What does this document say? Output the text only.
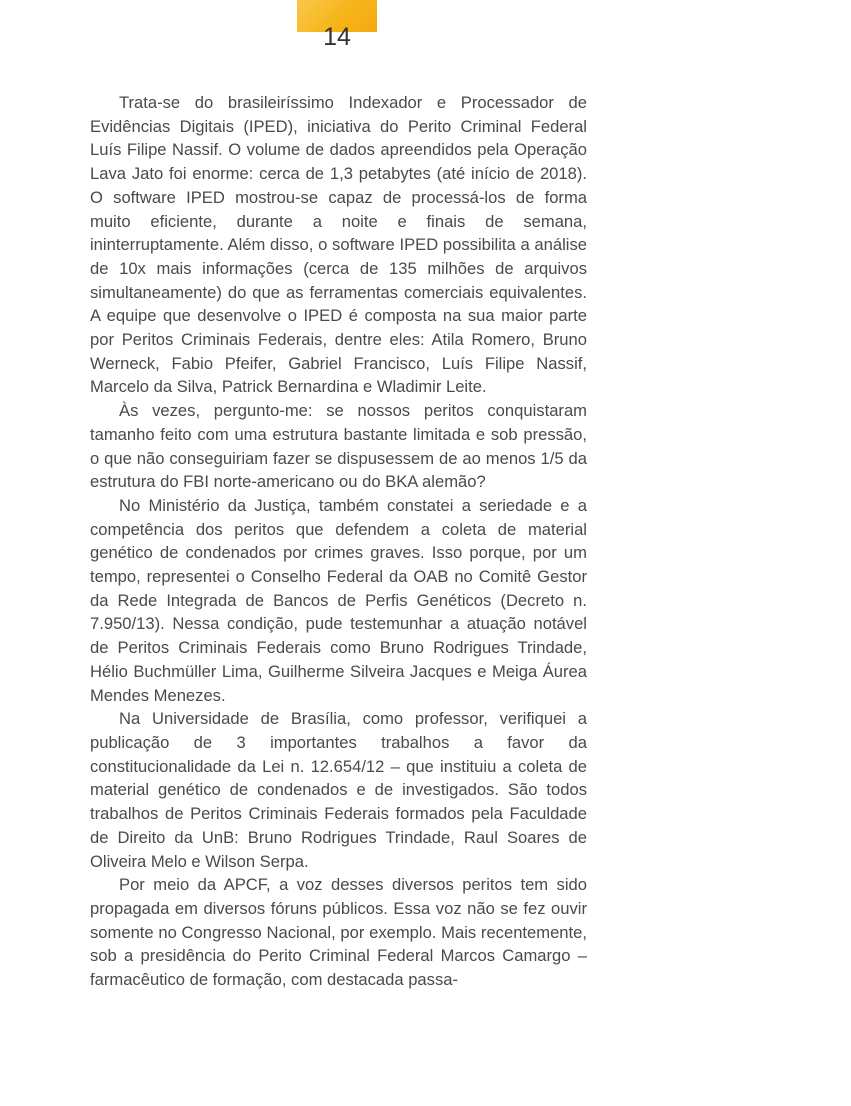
14

Trata-se do brasileiríssimo Indexador e Processador de Evidências Digitais (IPED), iniciativa do Perito Criminal Federal Luís Filipe Nassif. O volume de dados apreendidos pela Operação Lava Jato foi enorme: cerca de 1,3 petabytes (até início de 2018). O software IPED mostrou-se capaz de processá-los de forma muito eficiente, durante a noite e finais de semana, ininterruptamente. Além disso, o software IPED possibilita a análise de 10x mais informações (cerca de 135 milhões de arquivos simultaneamente) do que as ferramentas comerciais equivalentes. A equipe que desenvolve o IPED é composta na sua maior parte por Peritos Criminais Federais, dentre eles: Atila Romero, Bruno Werneck, Fabio Pfeifer, Gabriel Francisco, Luís Filipe Nassif, Marcelo da Silva, Patrick Bernardina e Wladimir Leite.

Às vezes, pergunto-me: se nossos peritos conquistaram tamanho feito com uma estrutura bastante limitada e sob pressão, o que não conseguiriam fazer se dispusessem de ao menos 1/5 da estrutura do FBI norte-americano ou do BKA alemão?

No Ministério da Justiça, também constatei a seriedade e a competência dos peritos que defendem a coleta de material genético de condenados por crimes graves. Isso porque, por um tempo, representei o Conselho Federal da OAB no Comitê Gestor da Rede Integrada de Bancos de Perfis Genéticos (Decreto n. 7.950/13). Nessa condição, pude testemunhar a atuação notável de Peritos Criminais Federais como Bruno Rodrigues Trindade, Hélio Buchmüller Lima, Guilherme Silveira Jacques e Meiga Áurea Mendes Menezes.

Na Universidade de Brasília, como professor, verifiquei a publicação de 3 importantes trabalhos a favor da constitucionalidade da Lei n. 12.654/12 – que instituiu a coleta de material genético de condenados e de investigados. São todos trabalhos de Peritos Criminais Federais formados pela Faculdade de Direito da UnB: Bruno Rodrigues Trindade, Raul Soares de Oliveira Melo e Wilson Serpa.

Por meio da APCF, a voz desses diversos peritos tem sido propagada em diversos fóruns públicos. Essa voz não se fez ouvir somente no Congresso Nacional, por exemplo. Mais recentemente, sob a presidência do Perito Criminal Federal Marcos Camargo – farmacêutico de formação, com destacada passa-
